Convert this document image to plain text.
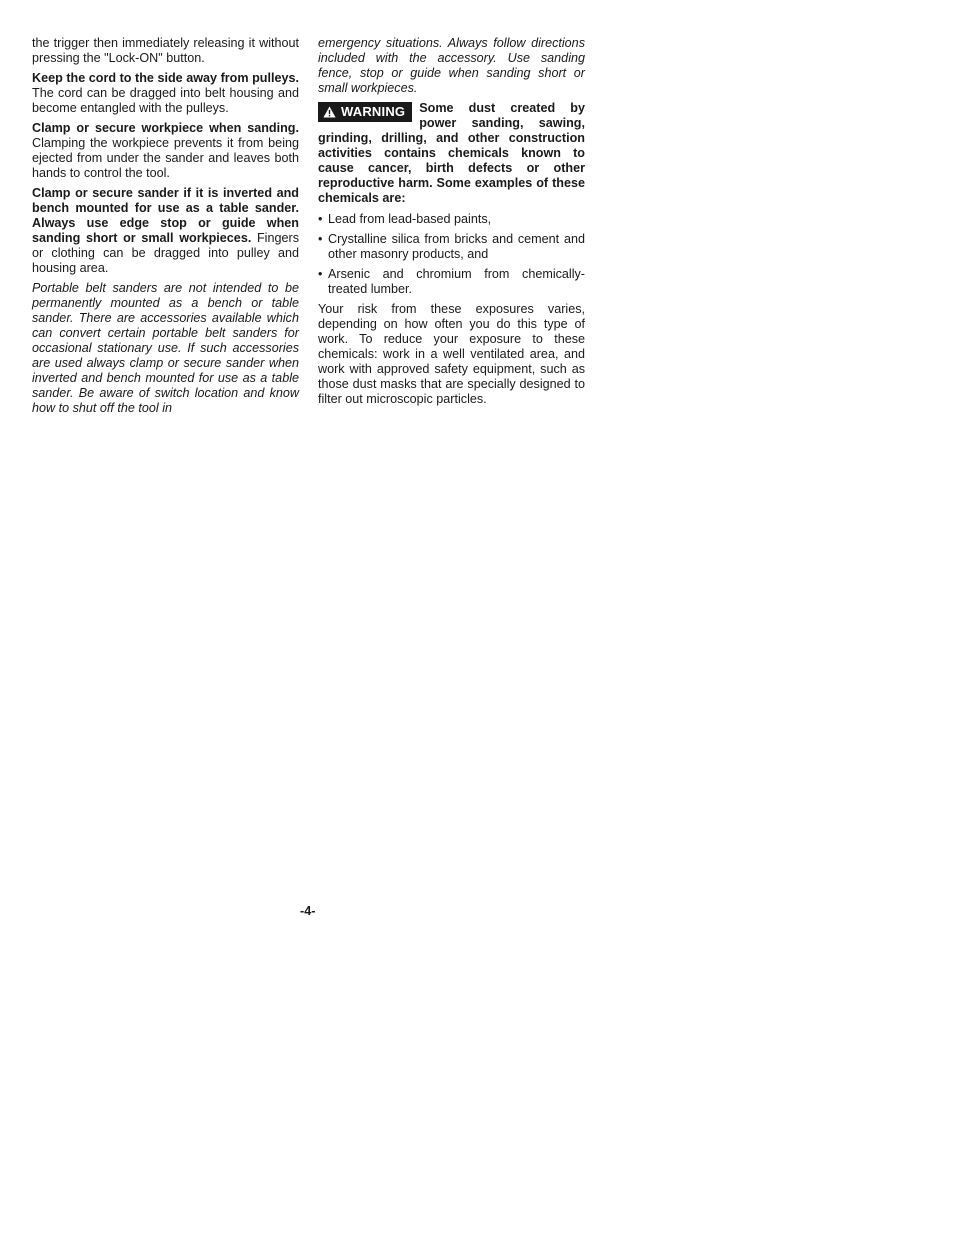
the trigger then immediately releasing it without pressing the "Lock-ON" button.

Keep the cord to the side away from pulleys. The cord can be dragged into belt housing and become entangled with the pulleys.

Clamp or secure workpiece when sanding. Clamping the workpiece prevents it from being ejected from under the sander and leaves both hands to control the tool.

Clamp or secure sander if it is inverted and bench mounted for use as a table sander. Always use edge stop or guide when sanding short or small workpieces. Fingers or clothing can be dragged into pulley and housing area.

Portable belt sanders are not intended to be permanently mounted as a bench or table sander. There are accessories available which can convert certain portable belt sanders for occasional stationary use. If such accessories are used always clamp or secure sander when inverted and bench mounted for use as a table sander. Be aware of switch location and know how to shut off the tool in

emergency situations. Always follow directions included with the accessory. Use sanding fence, stop or guide when sanding short or small workpieces.

WARNING	Some dust created by power sanding, sawing, grinding, drilling, and other construction activities contains chemicals known to cause cancer, birth defects or other reproductive harm. Some examples of these chemicals are:

• Lead from lead-based paints,
• Crystalline silica from bricks and cement and other masonry products, and
• Arsenic and chromium from chemically-treated lumber.

Your risk from these exposures varies, depending on how often you do this type of work. To reduce your exposure to these chemicals: work in a well ventilated area, and work with approved safety equipment, such as those dust masks that are specially designed to filter out microscopic particles.

-4-
